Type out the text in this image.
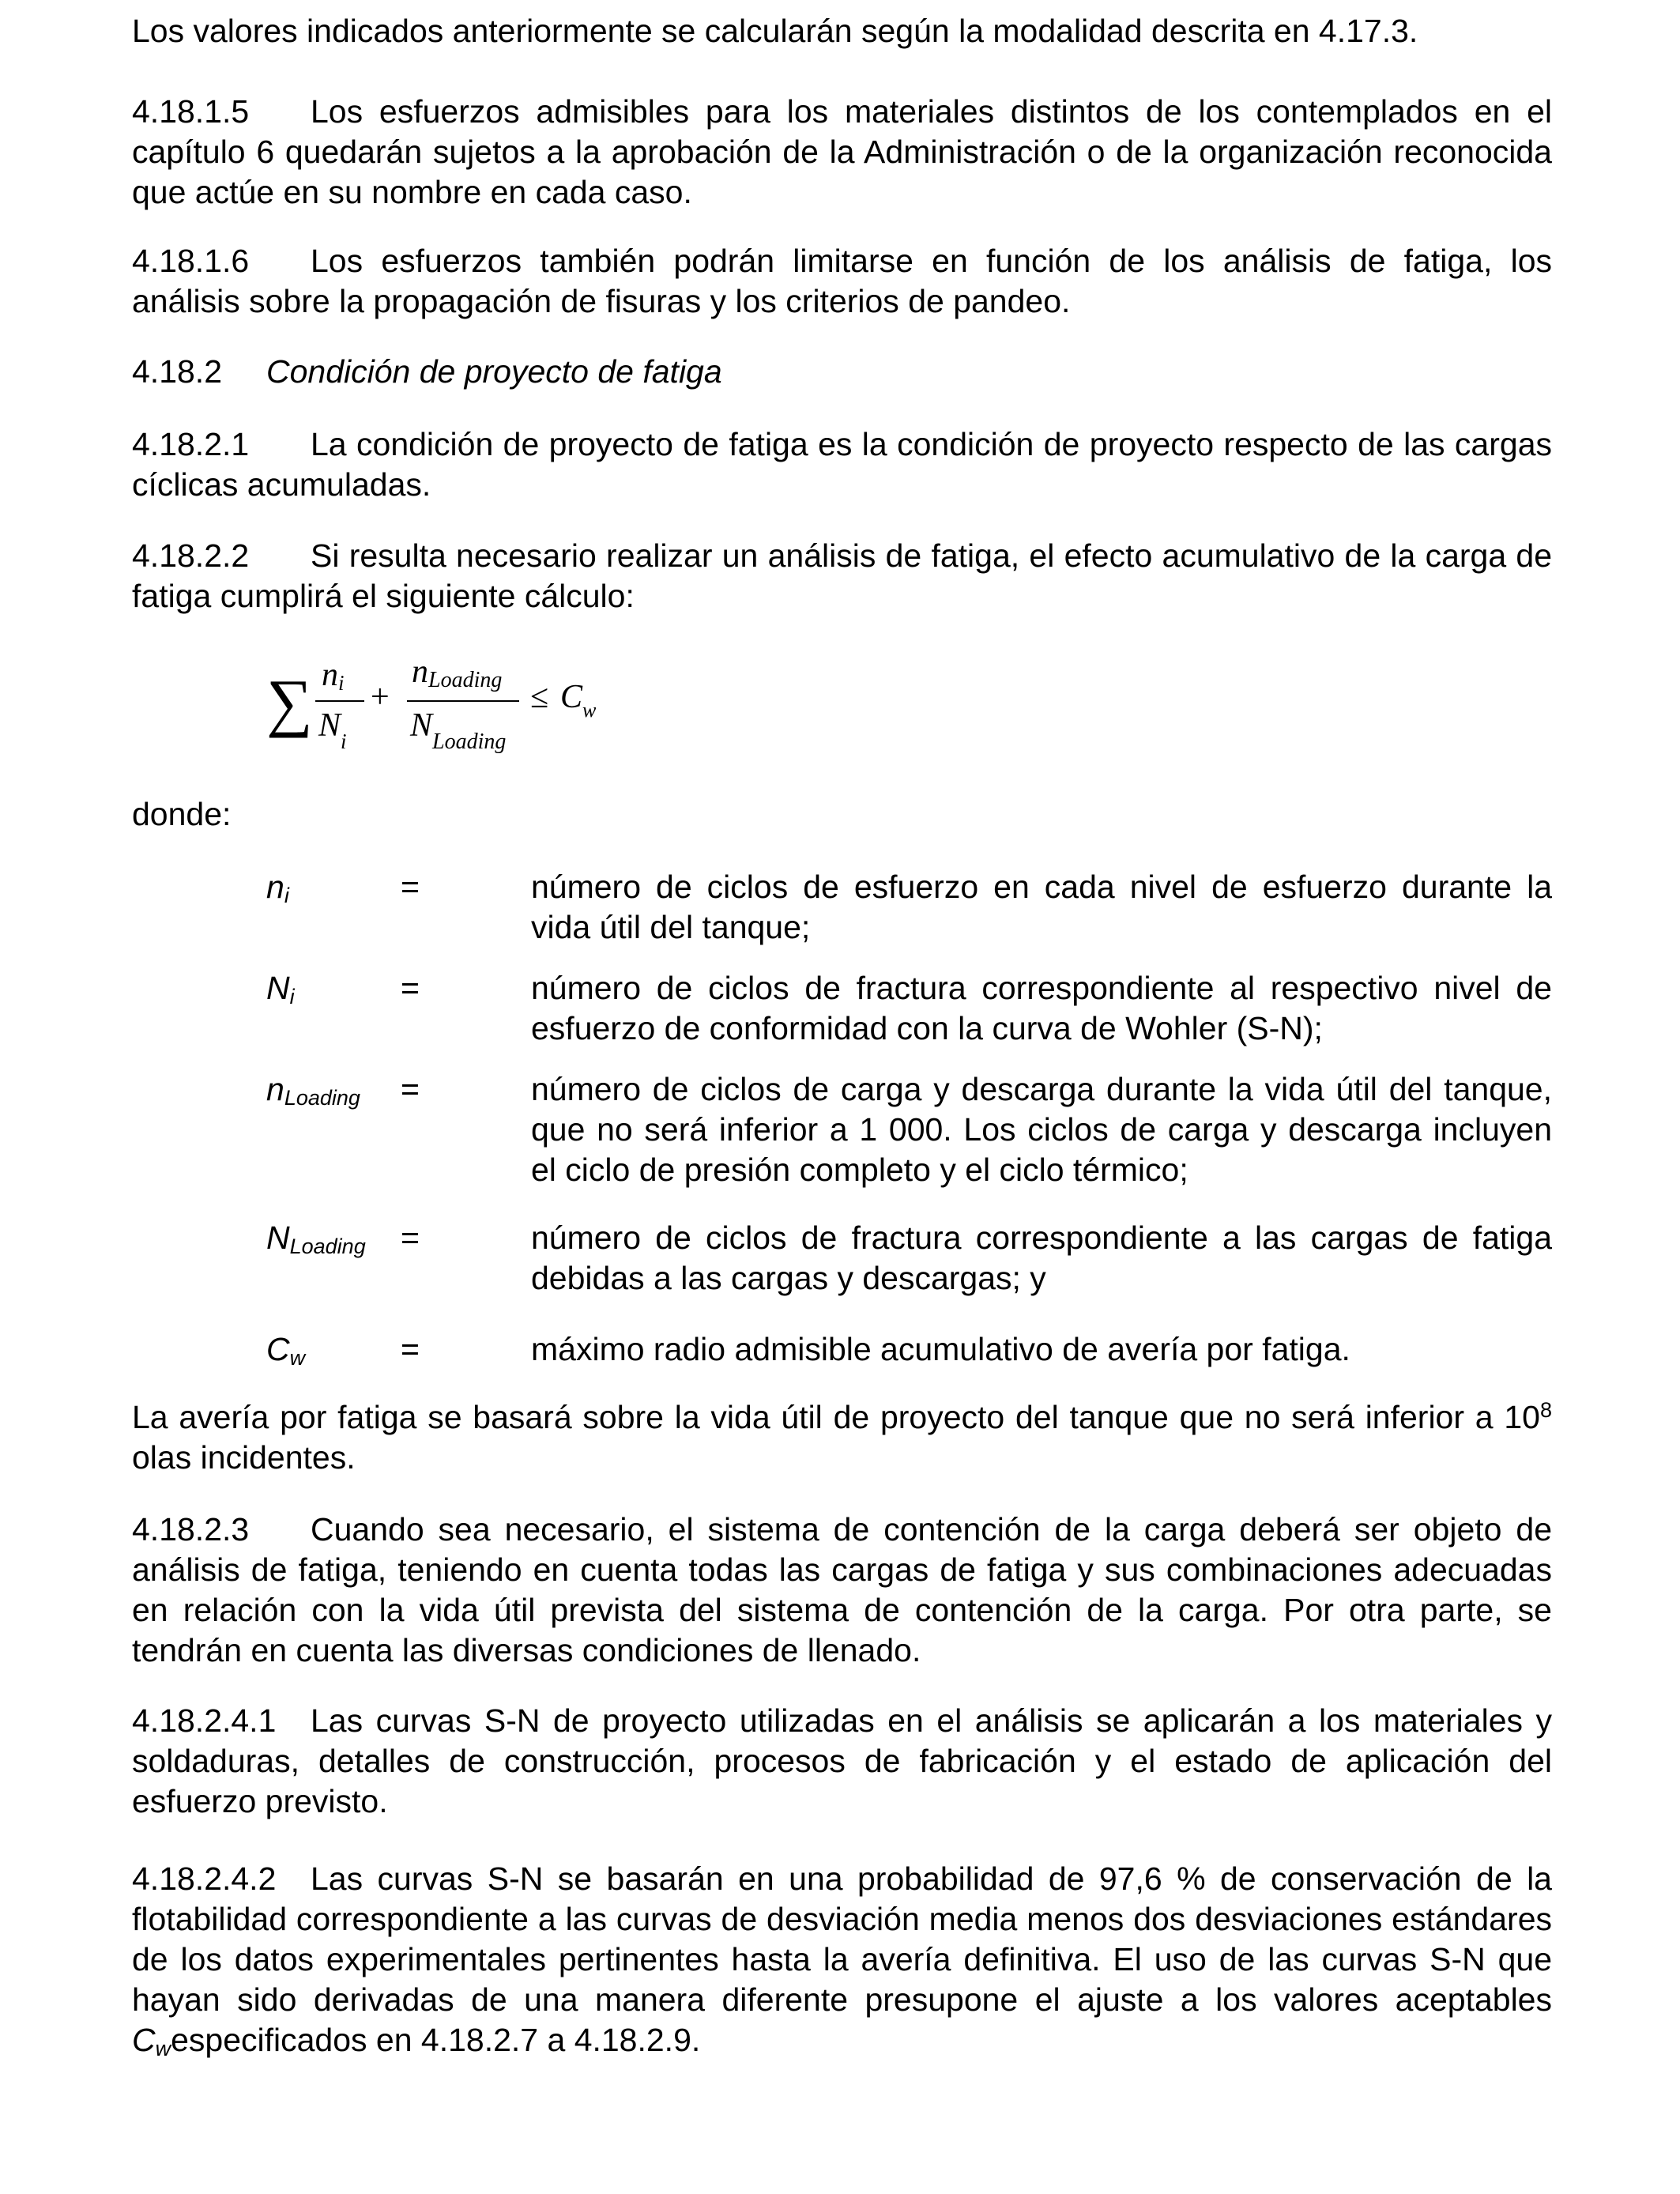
Los valores indicados anteriormente se calcularán según la modalidad descrita en 4.17.3.

4.18.1.5 Los esfuerzos admisibles para los materiales distintos de los contemplados en el capítulo 6 quedarán sujetos a la aprobación de la Administración o de la organización reconocida que actúe en su nombre en cada caso.

4.18.1.6 Los esfuerzos también podrán limitarse en función de los análisis de fatiga, los análisis sobre la propagación de fisuras y los criterios de pandeo.

4.18.2 Condición de proyecto de fatiga

4.18.2.1 La condición de proyecto de fatiga es la condición de proyecto respecto de las cargas cíclicas acumuladas.

4.18.2.2 Si resulta necesario realizar un análisis de fatiga, el efecto acumulativo de la carga de fatiga cumplirá el siguiente cálculo:

∑ $n_i$
$N_i$
+
$n_{Loading}$
$N_{Loading}$
≤ $C_w$

donde:

$n_i$	=	número de ciclos de esfuerzo en cada nivel de esfuerzo durante la vida útil del tanque;
$N_i$	=	número de ciclos de fractura correspondiente al respectivo nivel de esfuerzo de conformidad con la curva de Wohler (S-N);
$n_{Loading}$ =	número de ciclos de carga y descarga durante la vida útil del tanque, que no será inferior a 1 000. Los ciclos de carga y descarga incluyen el ciclo de presión completo y el ciclo térmico;
$N_{Loading}$ =	número de ciclos de fractura correspondiente a las cargas de fatiga debidas a las cargas y descargas; y
$C_w$	=	máximo radio admisible acumulativo de avería por fatiga.

La avería por fatiga se basará sobre la vida útil de proyecto del tanque que no será inferior a $10^8$ olas incidentes.

4.18.2.3 Cuando sea necesario, el sistema de contención de la carga deberá ser objeto de análisis de fatiga, teniendo en cuenta todas las cargas de fatiga y sus combinaciones adecuadas en relación con la vida útil prevista del sistema de contención de la carga. Por otra parte, se tendrán en cuenta las diversas condiciones de llenado.

4.18.2.4.1 Las curvas S-N de proyecto utilizadas en el análisis se aplicarán a los materiales y soldaduras, detalles de construcción, procesos de fabricación y el estado de aplicación del esfuerzo previsto.

4.18.2.4.2 Las curvas S-N se basarán en una probabilidad de 97,6 % de conservación de la flotabilidad correspondiente a las curvas de desviación media menos dos desviaciones estándares de los datos experimentales pertinentes hasta la avería definitiva. El uso de las curvas S-N que hayan sido derivadas de una manera diferente presupone el ajuste a los valores aceptables $C_wespecificados$ en 4.18.2.7 a 4.18.2.9.
